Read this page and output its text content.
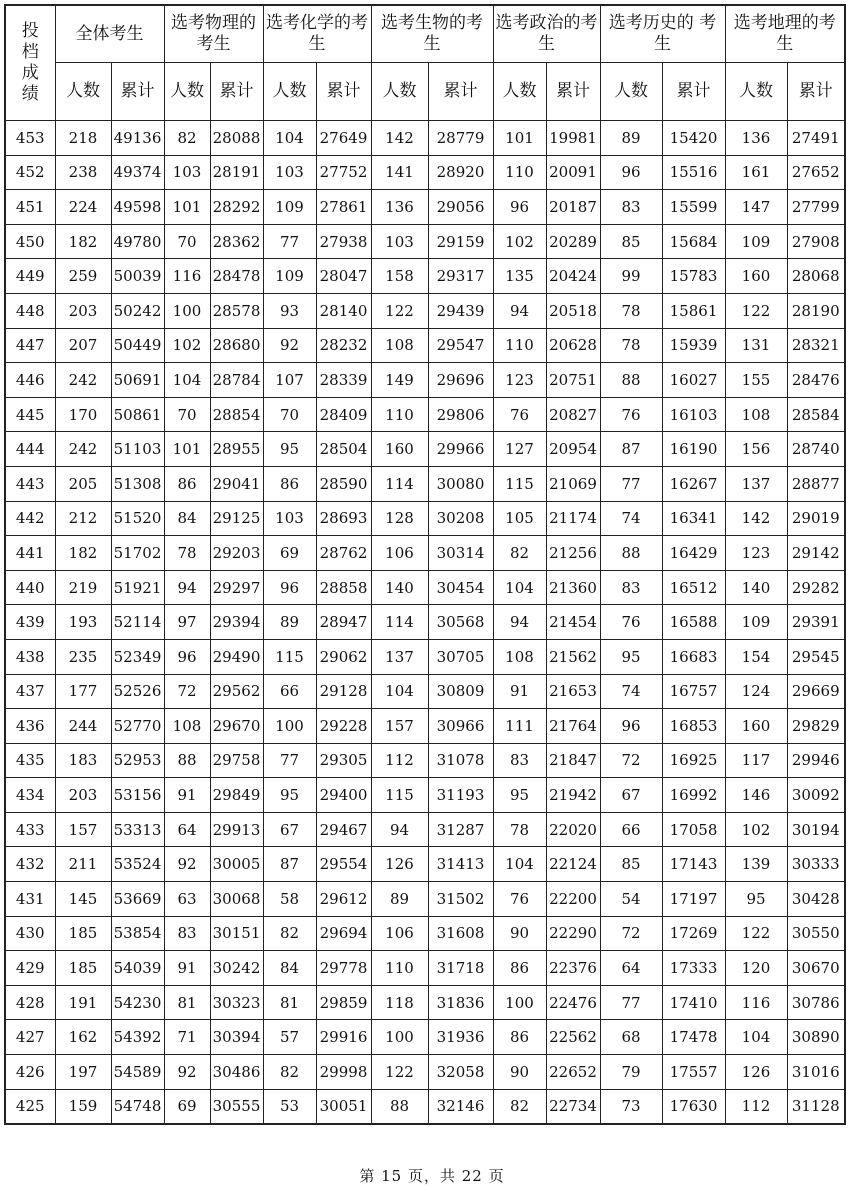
投档成绩	全体考生		选考物理的考生		选考化学的考生		选考生物的考生		选考政治的考生		选考历史的 考生		选考地理的考生	
	人数	累计	人数	累计	人数	累计	人数	累计	人数	累计	人数	累计	人数	累计
453	218	49136	82	28088	104	27649	142	28779	101	19981	89	15420	136	27491
452	238	49374	103	28191	103	27752	141	28920	110	20091	96	15516	161	27652
451	224	49598	101	28292	109	27861	136	29056	96	20187	83	15599	147	27799
450	182	49780	70	28362	77	27938	103	29159	102	20289	85	15684	109	27908
449	259	50039	116	28478	109	28047	158	29317	135	20424	99	15783	160	28068
448	203	50242	100	28578	93	28140	122	29439	94	20518	78	15861	122	28190
447	207	50449	102	28680	92	28232	108	29547	110	20628	78	15939	131	28321
446	242	50691	104	28784	107	28339	149	29696	123	20751	88	16027	155	28476
445	170	50861	70	28854	70	28409	110	29806	76	20827	76	16103	108	28584
444	242	51103	101	28955	95	28504	160	29966	127	20954	87	16190	156	28740
443	205	51308	86	29041	86	28590	114	30080	115	21069	77	16267	137	28877
442	212	51520	84	29125	103	28693	128	30208	105	21174	74	16341	142	29019
441	182	51702	78	29203	69	28762	106	30314	82	21256	88	16429	123	29142
440	219	51921	94	29297	96	28858	140	30454	104	21360	83	16512	140	29282
439	193	52114	97	29394	89	28947	114	30568	94	21454	76	16588	109	29391
438	235	52349	96	29490	115	29062	137	30705	108	21562	95	16683	154	29545
437	177	52526	72	29562	66	29128	104	30809	91	21653	74	16757	124	29669
436	244	52770	108	29670	100	29228	157	30966	111	21764	96	16853	160	29829
435	183	52953	88	29758	77	29305	112	31078	83	21847	72	16925	117	29946
434	203	53156	91	29849	95	29400	115	31193	95	21942	67	16992	146	30092
433	157	53313	64	29913	67	29467	94	31287	78	22020	66	17058	102	30194
432	211	53524	92	30005	87	29554	126	31413	104	22124	85	17143	139	30333
431	145	53669	63	30068	58	29612	89	31502	76	22200	54	17197	95	30428
430	185	53854	83	30151	82	29694	106	31608	90	22290	72	17269	122	30550
429	185	54039	91	30242	84	29778	110	31718	86	22376	64	17333	120	30670
428	191	54230	81	30323	81	29859	118	31836	100	22476	77	17410	116	30786
427	162	54392	71	30394	57	29916	100	31936	86	22562	68	17478	104	30890
426	197	54589	92	30486	82	29998	122	32058	90	22652	79	17557	126	31016
425	159	54748	69	30555	53	30051	88	32146	82	22734	73	17630	112	31128
第 15 页，共 22 页
